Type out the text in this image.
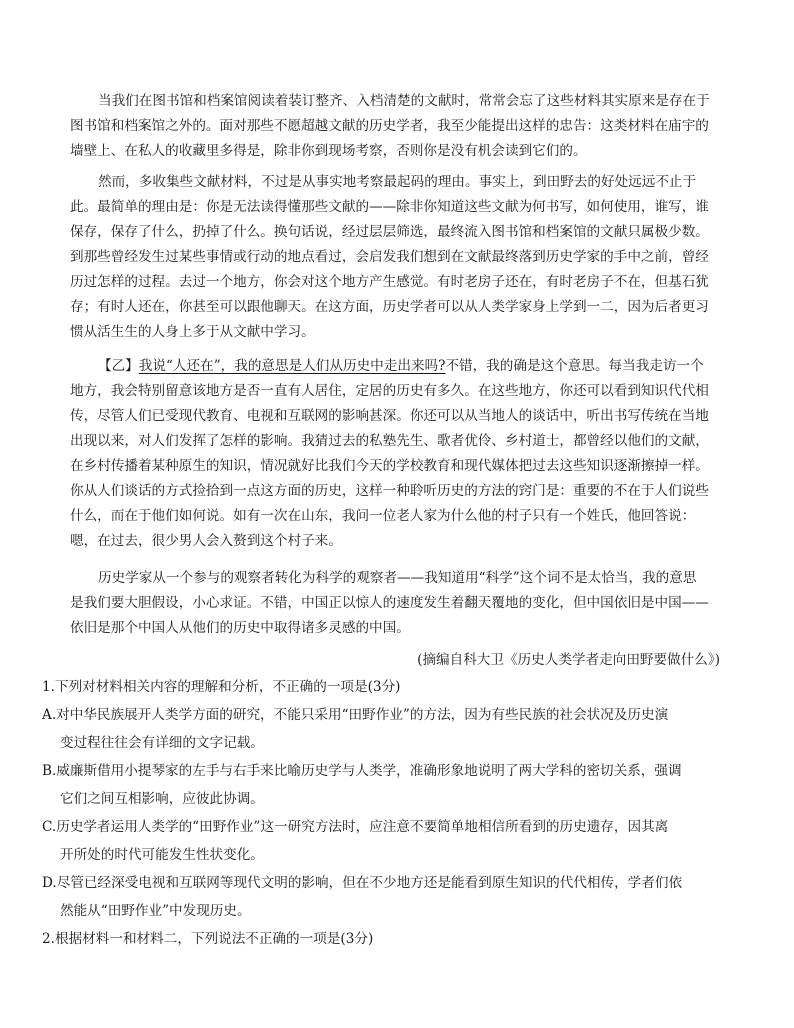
当我们在图书馆和档案馆阅读着装订整齐、入档清楚的文献时，常常会忘了这些材料其实原来是存在于
图书馆和档案馆之外的。面对那些不愿超越文献的历史学者，我至少能提出这样的忠告：这类材料在庙宇的
墙壁上、在私人的收藏里多得是，除非你到现场考察，否则你是没有机会读到它们的。
然而，多收集些文献材料，不过是从事实地考察最起码的理由。事实上，到田野去的好处远远不止于
此。最简单的理由是：你是无法读得懂那些文献的——除非你知道这些文献为何书写，如何使用，谁写，谁
保存，保存了什么，扔掉了什么。换句话说，经过层层筛选，最终流入图书馆和档案馆的文献只属极少数。
到那些曾经发生过某些事情或行动的地点看过，会启发我们想到在文献最终落到历史学家的手中之前，曾经
历过怎样的过程。去过一个地方，你会对这个地方产生感觉。有时老房子还在，有时老房子不在，但基石犹
存；有时人还在，你甚至可以跟他聊天。在这方面，历史学者可以从人类学家身上学到一二，因为后者更习
惯从活生生的人身上多于从文献中学习。
【乙】我说“人还在”，我的意思是人们从历史中走出来吗?不错，我的确是这个意思。每当我走访一个
地方，我会特别留意该地方是否一直有人居住，定居的历史有多久。在这些地方，你还可以看到知识代代相
传，尽管人们已受现代教育、电视和互联网的影响甚深。你还可以从当地人的谈话中，听出书写传统在当地
出现以来，对人们发挥了怎样的影响。我猜过去的私塾先生、歌者优伶、乡村道士，都曾经以他们的文献，
在乡村传播着某种原生的知识，情况就好比我们今天的学校教育和现代媒体把过去这些知识逐渐擦掉一样。
你从人们谈话的方式捡拾到一点这方面的历史，这样一种聆听历史的方法的窍门是：重要的不在于人们说些
什么，而在于他们如何说。如有一次在山东，我问一位老人家为什么他的村子只有一个姓氏，他回答说：
嗯，在过去，很少男人会入赘到这个村子来。
历史学家从一个参与的观察者转化为科学的观察者——我知道用“科学”这个词不是太恰当，我的意思
是我们要大胆假设，小心求证。不错，中国正以惊人的速度发生着翻天覆地的变化，但中国依旧是中国——
依旧是那个中国人从他们的历史中取得诸多灵感的中国。
(摘编自科大卫《历史人类学者走向田野要做什么》)
1.下列对材料相关内容的理解和分析，不正确的一项是(3分)
A.对中华民族展开人类学方面的研究，不能只采用“田野作业”的方法，因为有些民族的社会状况及历史演
变过程往往会有详细的文字记载。
B.威廉斯借用小提琴家的左手与右手来比喻历史学与人类学，准确形象地说明了两大学科的密切关系，强调
它们之间互相影响，应彼此协调。
C.历史学者运用人类学的“田野作业”这一研究方法时，应注意不要简单地相信所看到的历史遗存，因其离
开所处的时代可能发生性状变化。
D.尽管已经深受电视和互联网等现代文明的影响，但在不少地方还是能看到原生知识的代代相传，学者们依
然能从“田野作业”中发现历史。
2.根据材料一和材料二，下列说法不正确的一项是(3分)
